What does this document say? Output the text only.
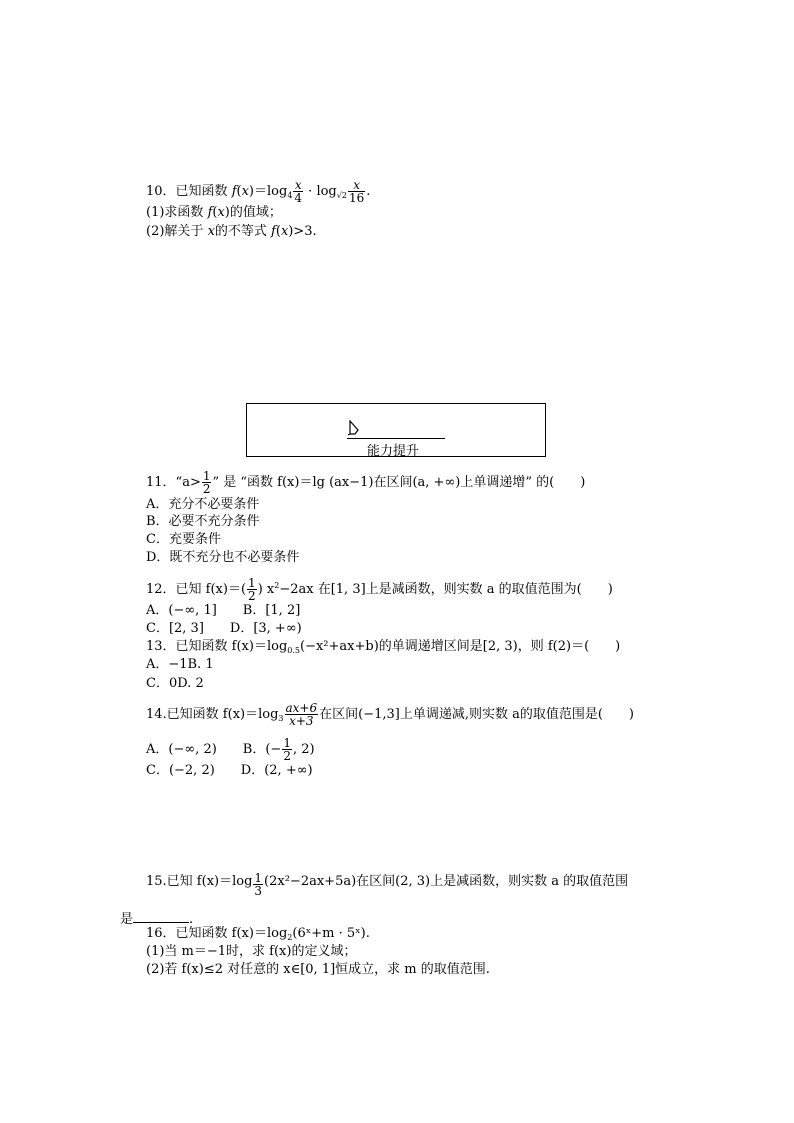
10．已知函数 $f(x)=\log_4 \frac{x}{4} \cdot \log_{√2} \frac{x}{16}$ .
(1)求函数 f(x)的值域；
(2)解关于 x的不等式 f(x)>3.
能力提升
11．“$a> \frac{1}{2}$ ” 是 “函数 f(x)＝lg (ax−1)在区间(a, +∞)上单调递增” 的(　　)
A．充分不必要条件
B．必要不充分条件
C．充要条件
D．既不充分也不必要条件
12．已知 $f(x)=( \frac{1}{2}$ ) $x^2-2ax$ 在[1, 3]上是减函数，则实数 a 的取值范围为(　　)
A．(−∞, 1]　　B．[1, 2]
C．[2, 3]　　D．[3, +∞)
13．已知函数 $f(x)=\log_{0.5}(-x^2+ax+b)$的单调递增区间是[2, 3)，则 f(2)＝(　　)
A．−1B. 1
C．0D. 2
14.已知函数 $f(x)=\log_3 \frac{ax+6}{x+3}$ 在区间(−1,3]上单调递减,则实数 a的取值范围是(　　)
A．(−∞, 2)　　B．(− $\frac{1}{2}$ , 2)
C．(−2, 2)　　D．(2, +∞)
15.已知 $f(x)=\log \frac{1}{3} (2x^2-2ax+5a)$在区间(2, 3)上是减函数，则实数 a 的取值范围
是	.
16．已知函数 $f(x)=\log_2(6ˣ+m$ · 5ˣ).
(1)当 m＝−1时，求 f(x)的定义域；
(2)若 f(x)≤2 对任意的 x∈[0, 1]恒成立，求 m 的取值范围.
